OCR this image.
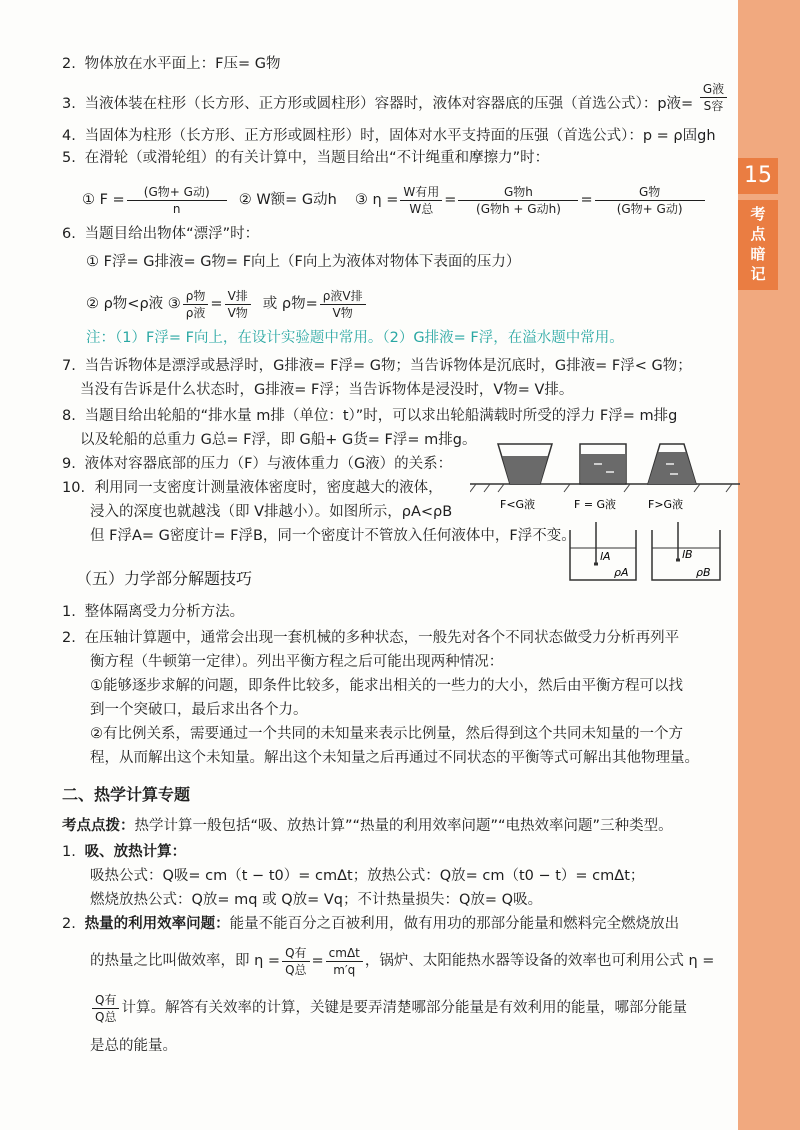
15
考
点
暗
记
2. 物体放在水平面上：F压= G物
3. 当液体装在柱形（长方形、正方形或圆柱形）容器时，液体对容器底的压强（首选公式）：p液= $\frac{\text{G液}}{\text{S容}}$
4. 当固体为柱形（长方形、正方形或圆柱形）时，固体对水平支持面的压强（首选公式）：p = ρ固gh
5. 在滑轮（或滑轮组）的有关计算中，当题目给出“不计绳重和摩擦力”时：
① $F = \frac{\text{(G物+ G动)}}{n}$ ② W额= G动h ③ $\eta = \frac{\text{W有用}}{\text{W总}} = \frac{\text{G物h}}{\text{(G物h + G动h)}} = \frac{\text{G物}}{\text{(G物+ G动)}}$
6. 当题目给出物体“漂浮”时：
① F浮= G排液= G物= F向上（F向上为液体对物体下表面的压力）
② ρ物<ρ液 ③ $\frac{\text{ρ物}}{\text{ρ液}} = \frac{\text{V排}}{\text{V物}}$ 或 ρ物= $\frac{\text{ρ液V排}}{\text{V物}}$
注：（1）F浮= F向上，在设计实验题中常用。（2）G排液= F浮，在溢水题中常用。
7. 当告诉物体是漂浮或悬浮时，G排液= F浮= G物；当告诉物体是沉底时，G排液= F浮< G物；
当没有告诉是什么状态时，G排液= F浮；当告诉物体是浸没时，V物= V排。
8. 当题目给出轮船的“排水量 m排（单位：t）”时，可以求出轮船满载时所受的浮力 F浮= m排g
以及轮船的总重力 G总= F浮，即 G船+ G货= F浮= m排g。
9. 液体对容器底部的压力（F）与液体重力（G液）的关系：
10. 利用同一支密度计测量液体密度时，密度越大的液体，
浸入的深度也就越浅（即 V排越小）。如图所示，ρA<ρB
但 F浮A= G密度计= F浮B，同一个密度计不管放入任何液体中，F浮不变。
F<G液	F = G液	F>G液
lA
ρA
lB
ρB
（五）力学部分解题技巧
1. 整体隔离受力分析方法。
2. 在压轴计算题中，通常会出现一套机械的多种状态，一般先对各个不同状态做受力分析再列平
衡方程（牛顿第一定律）。列出平衡方程之后可能出现两种情况：
①能够逐步求解的问题，即条件比较多，能求出相关的一些力的大小，然后由平衡方程可以找
到一个突破口，最后求出各个力。
②有比例关系，需要通过一个共同的未知量来表示比例量，然后得到这个共同未知量的一个方
程，从而解出这个未知量。解出这个未知量之后再通过不同状态的平衡等式可解出其他物理量。
二、热学计算专题
考点点拨：热学计算一般包括“吸、放热计算”“热量的利用效率问题”“电热效率问题”三种类型。
1. 吸、放热计算：
吸热公式：Q吸= cm（t − t0）= cmΔt；放热公式：Q放= cm（t0 − t）= cmΔt；
燃烧放热公式：Q放= mq 或 Q放= Vq；不计热量损失：Q放= Q吸。
2. 热量的利用效率问题：能量不能百分之百被利用，做有用功的那部分能量和燃料完全燃烧放出
的热量之比叫做效率，即 $\eta = \frac{\text{Q有}}{\text{Q总}} = \frac{\text{cmΔt}}{m'q}$ ，锅炉、太阳能热水器等设备的效率也可利用公式 η =
$\frac{\text{Q有}}{\text{Q总}}$ 计算。解答有关效率的计算，关键是要弄清楚哪部分能量是有效利用的能量，哪部分能量
是总的能量。
